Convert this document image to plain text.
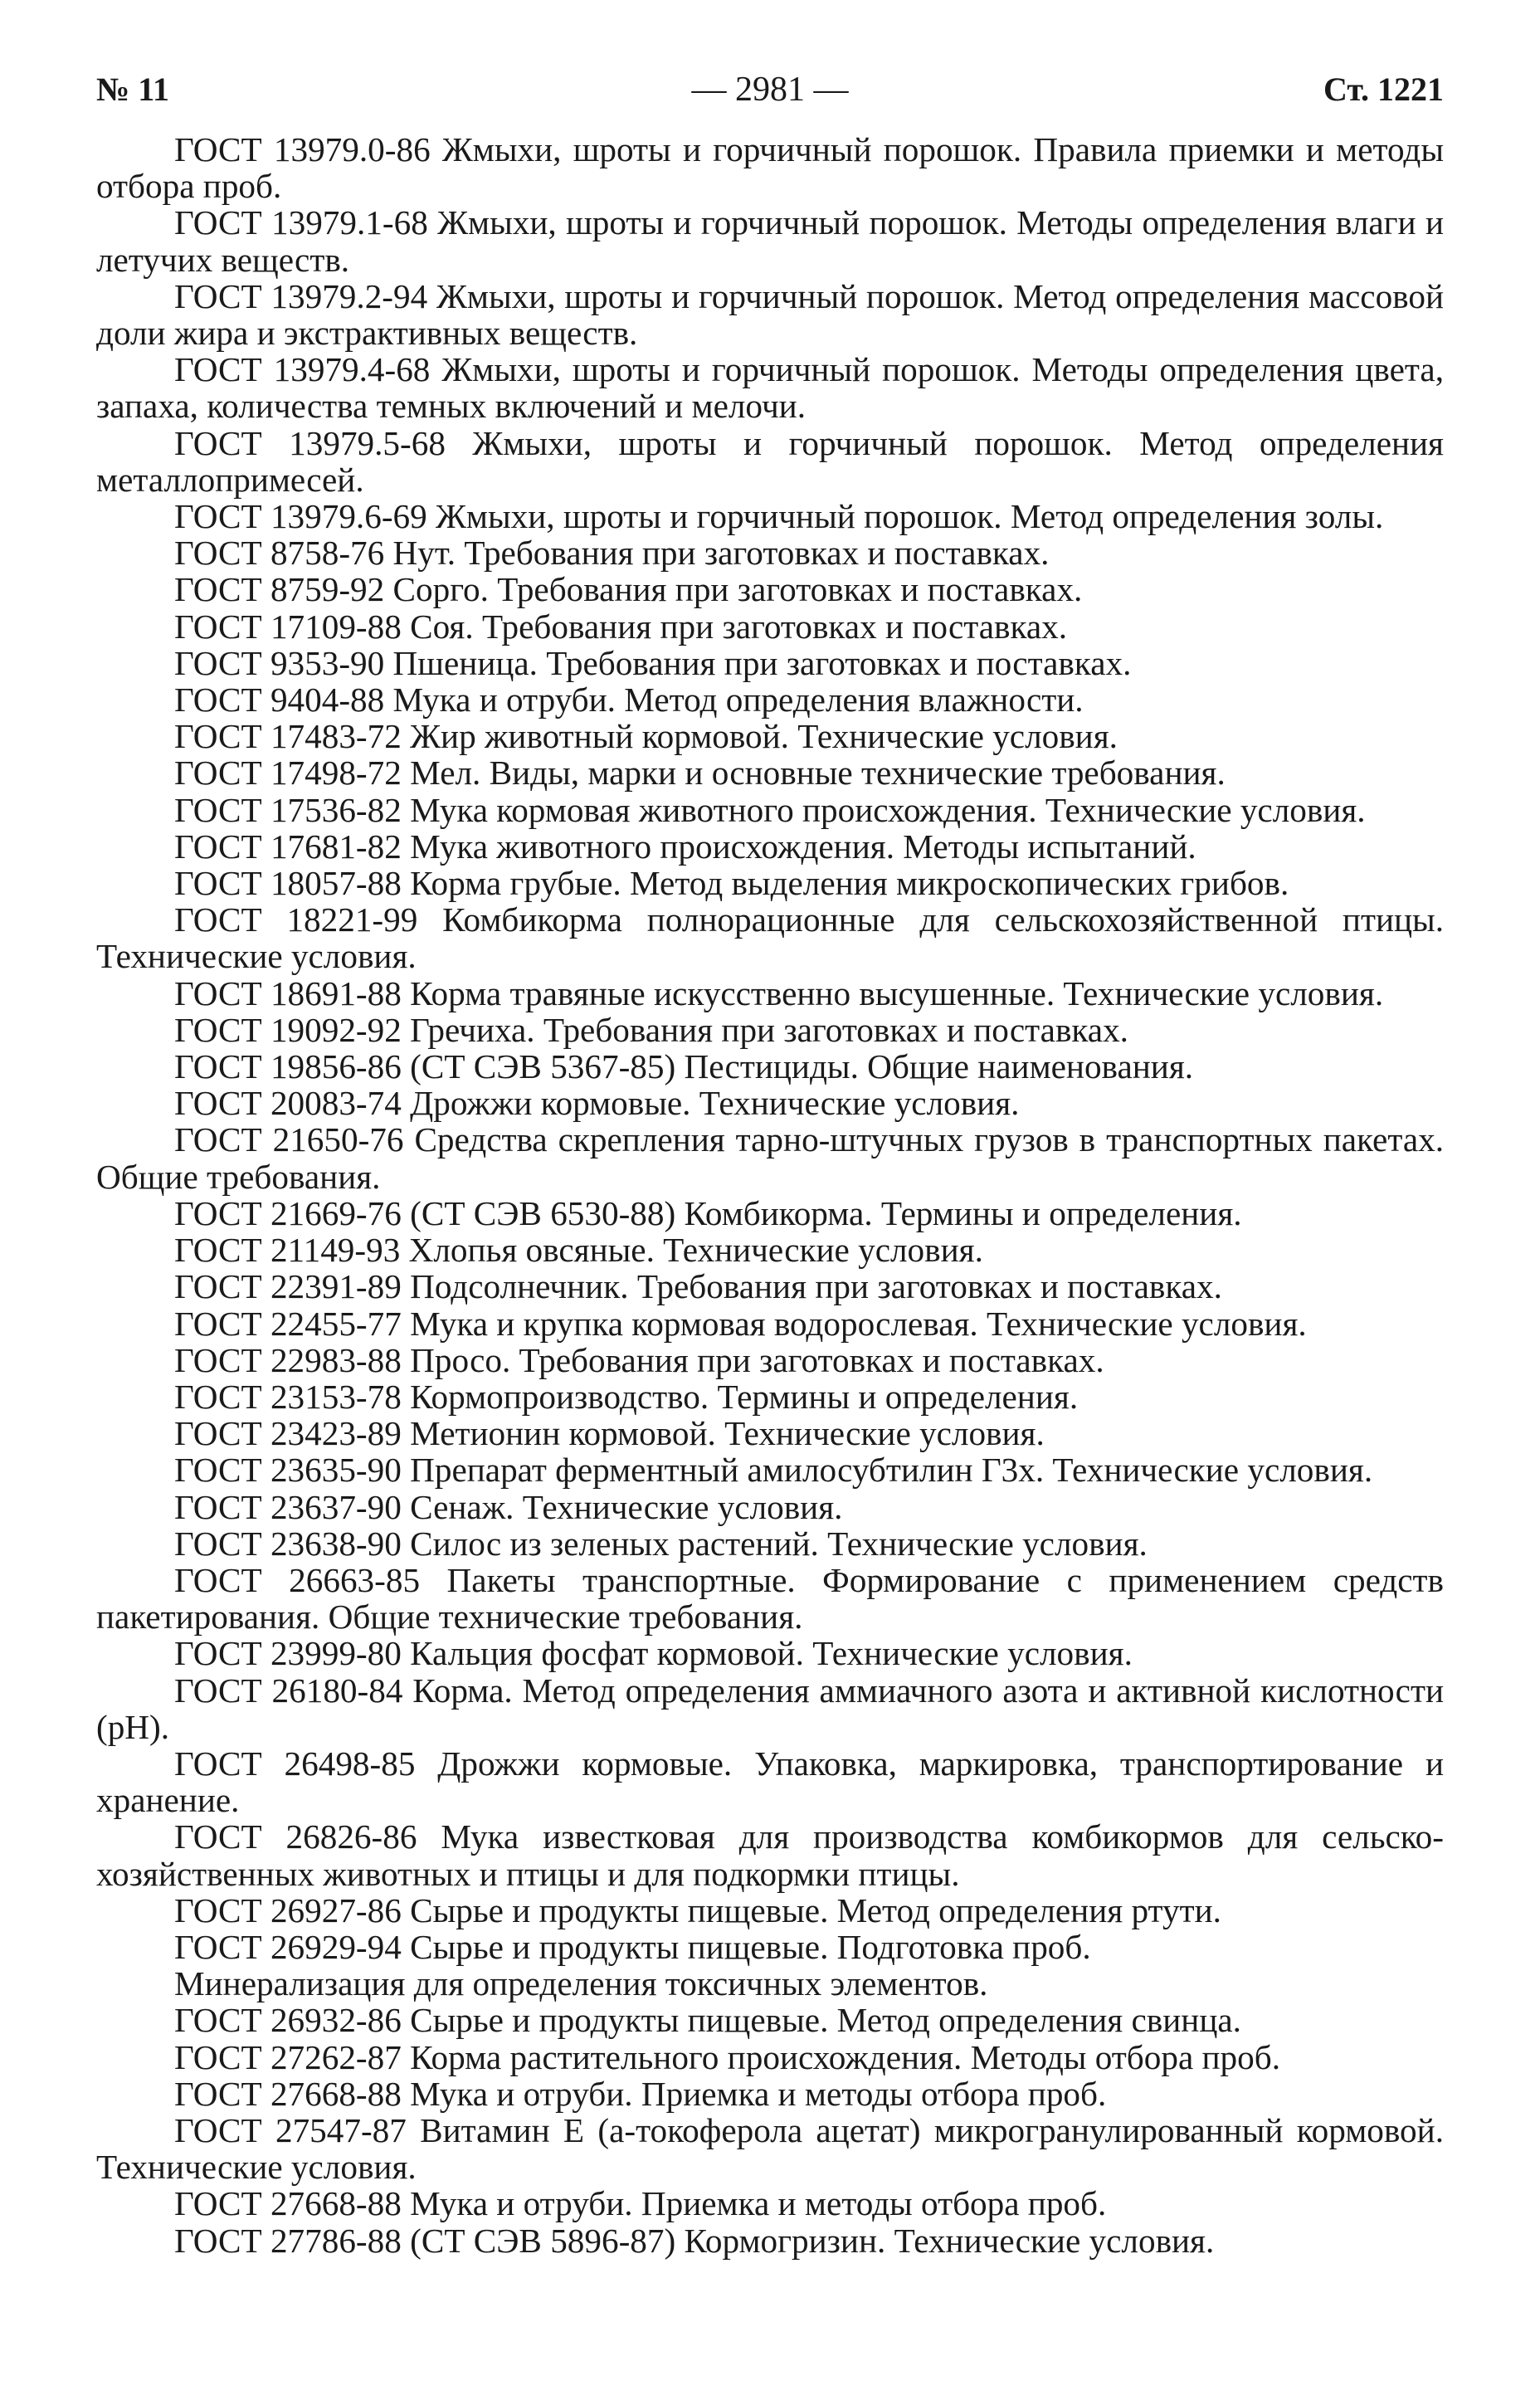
№ 11	— 2981 —	Ст. 1221

ГОСТ 13979.0-86 Жмыхи, шроты и горчичный порошок. Правила приемки и методы отбора проб.

ГОСТ 13979.1-68 Жмыхи, шроты и горчичный порошок. Методы определения влаги и летучих веществ.

ГОСТ 13979.2-94 Жмыхи, шроты и горчичный порошок. Метод определения массовой доли жира и экстрактивных веществ.

ГОСТ 13979.4-68 Жмыхи, шроты и горчичный порошок. Методы определения цвета, запаха, количества темных включений и мелочи.

ГОСТ 13979.5-68 Жмыхи, шроты и горчичный порошок. Метод определения металлопримесей.

ГОСТ 13979.6-69 Жмыхи, шроты и горчичный порошок. Метод определения золы.

ГОСТ 8758-76 Нут. Требования при заготовках и поставках.

ГОСТ 8759-92 Сорго. Требования при заготовках и поставках.

ГОСТ 17109-88 Соя. Требования при заготовках и поставках.

ГОСТ 9353-90 Пшеница. Требования при заготовках и поставках.

ГОСТ 9404-88 Мука и отруби. Метод определения влажности.

ГОСТ 17483-72 Жир животный кормовой. Технические условия.

ГОСТ 17498-72 Мел. Виды, марки и основные технические требования.

ГОСТ 17536-82 Мука кормовая животного происхождения. Технические условия.

ГОСТ 17681-82 Мука животного происхождения. Методы испытаний.

ГОСТ 18057-88 Корма грубые. Метод выделения микроскопических грибов.

ГОСТ 18221-99 Комбикорма полнорационные для сельскохозяйственной птицы. Технические условия.

ГОСТ 18691-88 Корма травяные искусственно высушенные. Технические условия.

ГОСТ 19092-92 Гречиха. Требования при заготовках и поставках.

ГОСТ 19856-86 (СТ СЭВ 5367-85) Пестициды. Общие наименования.

ГОСТ 20083-74 Дрожжи кормовые. Технические условия.

ГОСТ 21650-76 Средства скрепления тарно-штучных грузов в транспортных пакетах. Общие требования.

ГОСТ 21669-76 (СТ СЭВ 6530-88) Комбикорма. Термины и определения.

ГОСТ 21149-93 Хлопья овсяные. Технические условия.

ГОСТ 22391-89 Подсолнечник. Требования при заготовках и поставках.

ГОСТ 22455-77 Мука и крупка кормовая водорослевая. Технические условия.

ГОСТ 22983-88 Просо. Требования при заготовках и поставках.

ГОСТ 23153-78 Кормопроизводство. Термины и определения.

ГОСТ 23423-89 Метионин кормовой. Технические условия.

ГОСТ 23635-90 Препарат ферментный амилосубтилин Г3х. Технические условия.

ГОСТ 23637-90 Сенаж. Технические условия.

ГОСТ 23638-90 Силос из зеленых растений. Технические условия.

ГОСТ 26663-85 Пакеты транспортные. Формирование с применением средств пакетирования. Общие технические требования.

ГОСТ 23999-80 Кальция фосфат кормовой. Технические условия.

ГОСТ 26180-84 Корма. Метод определения аммиачного азота и активной кислотности (рН).

ГОСТ 26498-85 Дрожжи кормовые. Упаковка, маркировка, транспортирование и хранение.

ГОСТ 26826-86 Мука известковая для производства комбикормов для сельскохозяйственных животных и птицы и для подкормки птицы.

ГОСТ 26927-86 Сырье и продукты пищевые. Метод определения ртути.

ГОСТ 26929-94 Сырье и продукты пищевые. Подготовка проб.

Минерализация для определения токсичных элементов.

ГОСТ 26932-86 Сырье и продукты пищевые. Метод определения свинца.

ГОСТ 27262-87 Корма растительного происхождения. Методы отбора проб.

ГОСТ 27668-88 Мука и отруби. Приемка и методы отбора проб.

ГОСТ 27547-87 Витамин Е (а-токоферола ацетат) микрогранулированный кормовой. Технические условия.

ГОСТ 27668-88 Мука и отруби. Приемка и методы отбора проб.

ГОСТ 27786-88 (СТ СЭВ 5896-87) Кормогризин. Технические условия.
